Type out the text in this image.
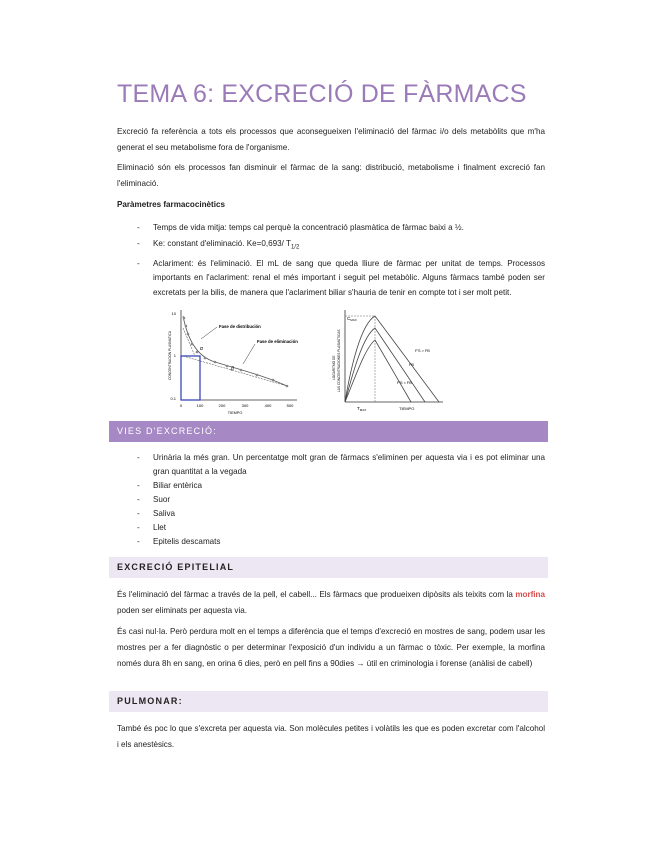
TEMA 6: EXCRECIÓ DE FÀRMACS

Excreció fa referència a tots els processos que aconsegueixen l'eliminació del fàrmac i/o dels metabòlits que m'ha generat el seu metabolisme fora de l'organisme.

Eliminació són els processos fan disminuir el fàrmac de la sang: distribució, metabolisme i finalment excreció fan l'eliminació.

Paràmetres farmacocinètics

- Temps de vida mitja: temps cal perquè la concentració plasmàtica de fàrmac baixi a ½.
- Ke: constant d'eliminació. Ke=0,693/ $T_{1/2}$
- Aclariment: és l'eliminació. El mL de sang que queda lliure de fàrmac per unitat de temps. Processos importants en l'aclariment: renal el més important i seguit pel metabòlic. Alguns fàrmacs també poden ser excretats per la bilis, de manera que l'aclariment biliar s'hauria de tenir en compte tot i ser molt petit.
10
1
0.1
0	100	200	300	400	500
TIEMPO
CONCENTRACION PLASMATICA
Fase de distribución
Fase de eliminación
α
β
$C_{MAX}$
$T_{MAX}$	TIEMPO
LOGARITMO DE LAS CONCENTRACIONES PLASMÁTICAS	F'S > FB
FB
F'S < FB
VIES D'EXCRECIÓ:
- Urinària la més gran. Un percentatge molt gran de fàrmacs s'eliminen per aquesta via i es pot eliminar una gran quantitat a la vegada
- Biliar entèrica
- Suor
- Saliva
- Llet
- Epitelis descamats
EXCRECIÓ EPITELIAL

És l'eliminació del fàrmac a través de la pell, el cabell... Els fàrmacs que produeixen dipòsits als teixits com la morfina poden ser eliminats per aquesta via.

És casi nul·la. Però perdura molt en el temps a diferència que el temps d'excreció en mostres de sang, podem usar les mostres per a fer diagnòstic o per determinar l'exposició d'un individu a un fàrmac o tòxic. Per exemple, la morfina només dura 8h en sang, en orina 6 dies, però en pell fins a 90dies → útil en criminologia i forense (anàlisi de cabell)

PULMONAR:

També és poc lo que s'excreta per aquesta via. Son molècules petites i volàtils les que es poden excretar com l'alcohol i els anestèsics.
